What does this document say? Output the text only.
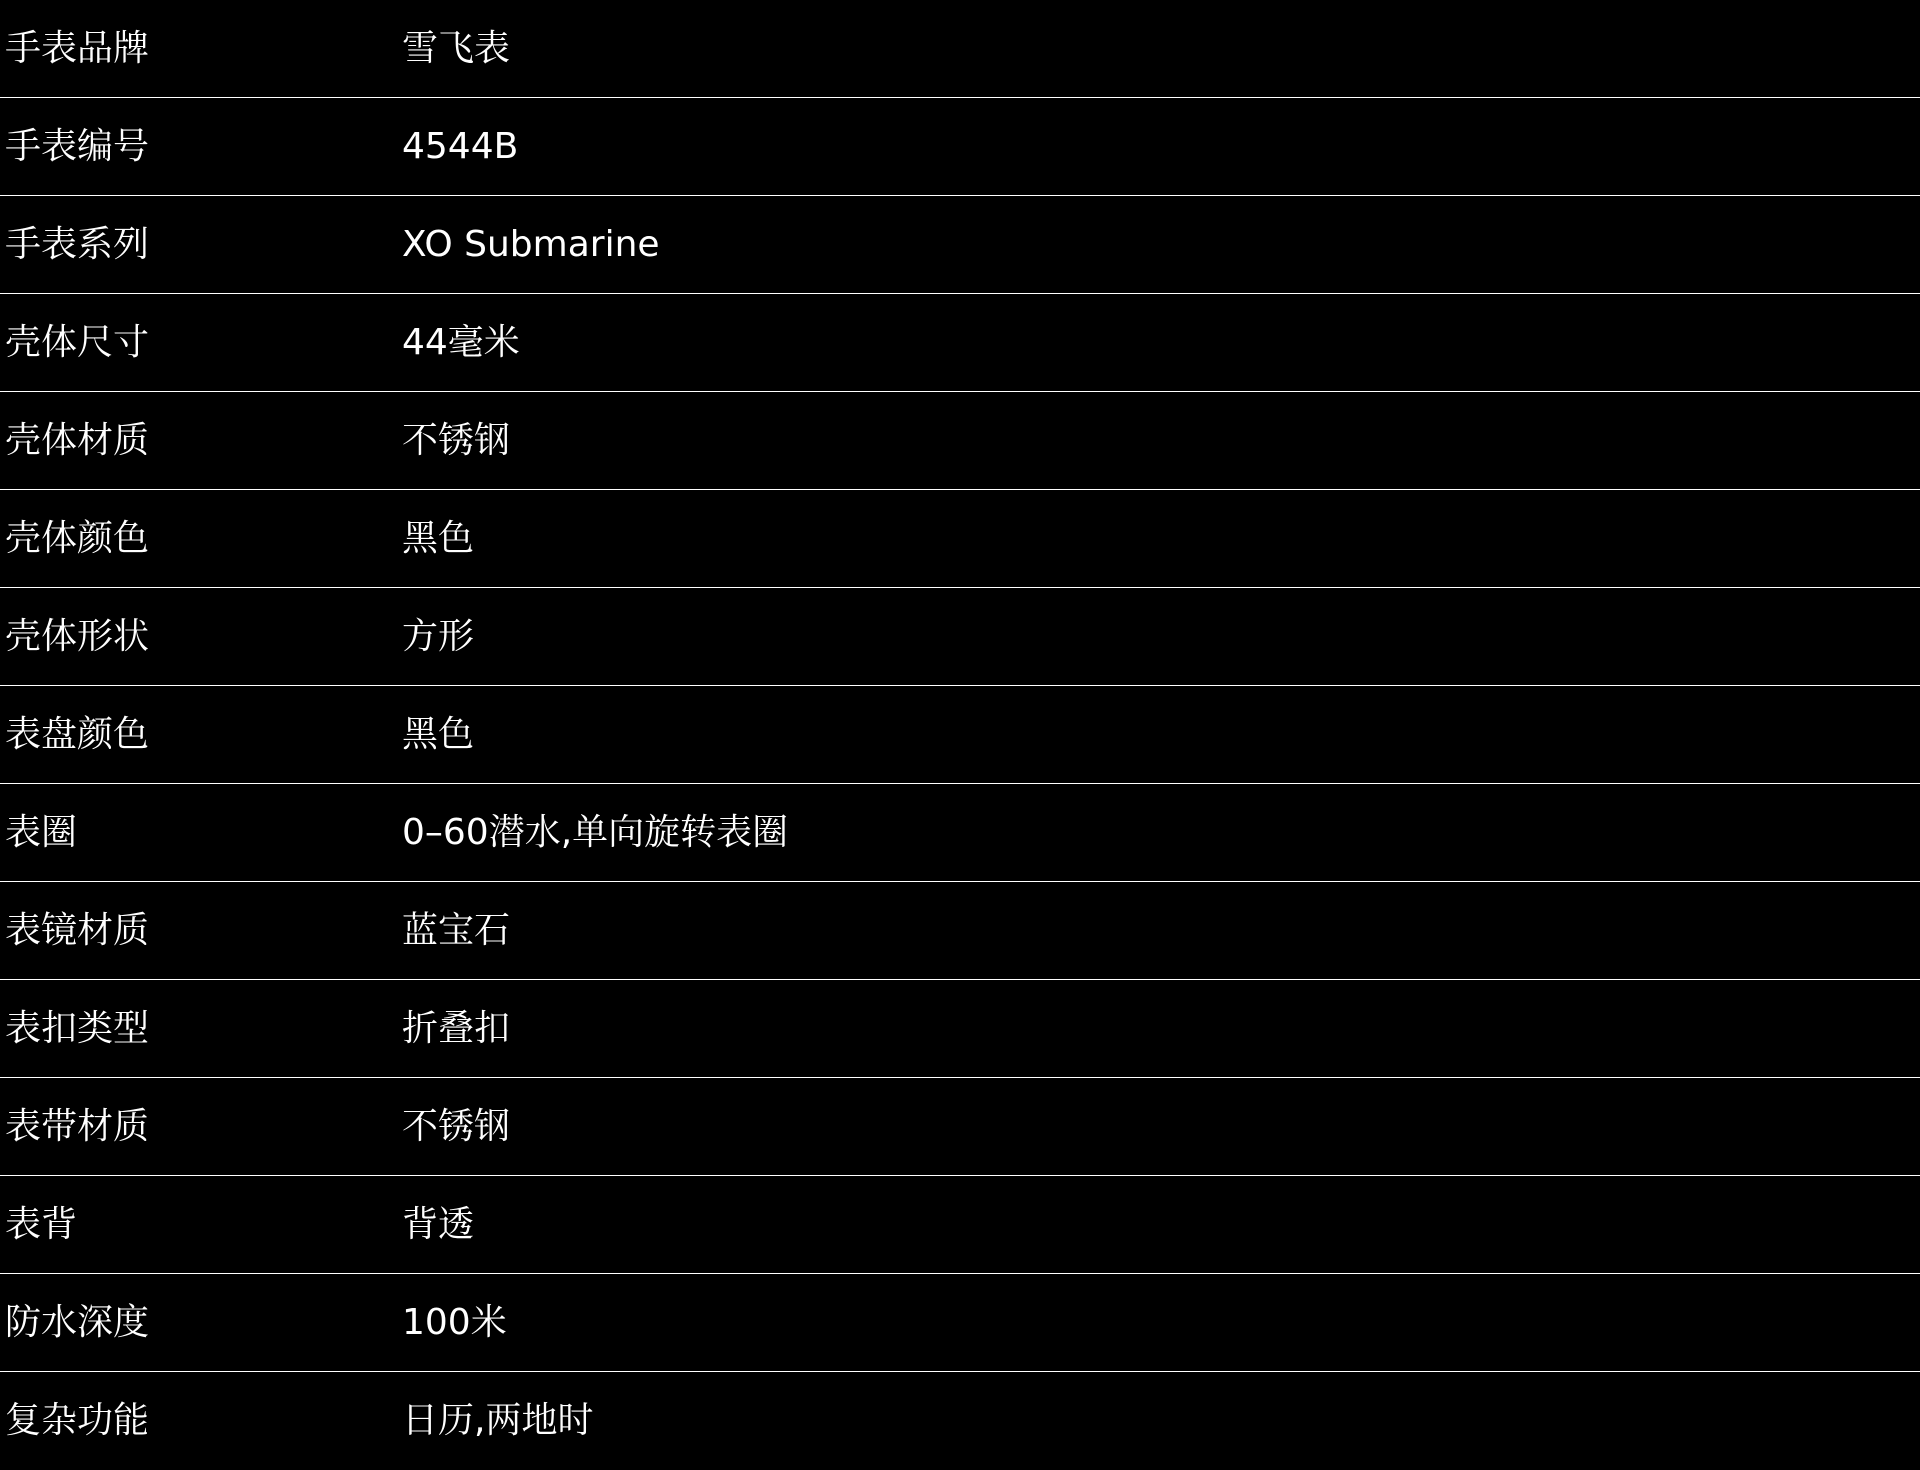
手表品牌	雪飞表
手表编号	4544B
手表系列	XO Submarine
壳体尺寸	44毫米
壳体材质	不锈钢
壳体颜色	黑色
壳体形状	方形
表盘颜色	黑色
表圈	0–60潜水,单向旋转表圈
表镜材质	蓝宝石
表扣类型	折叠扣
表带材质	不锈钢
表背	背透
防水深度	100米
复杂功能	日历,两地时
